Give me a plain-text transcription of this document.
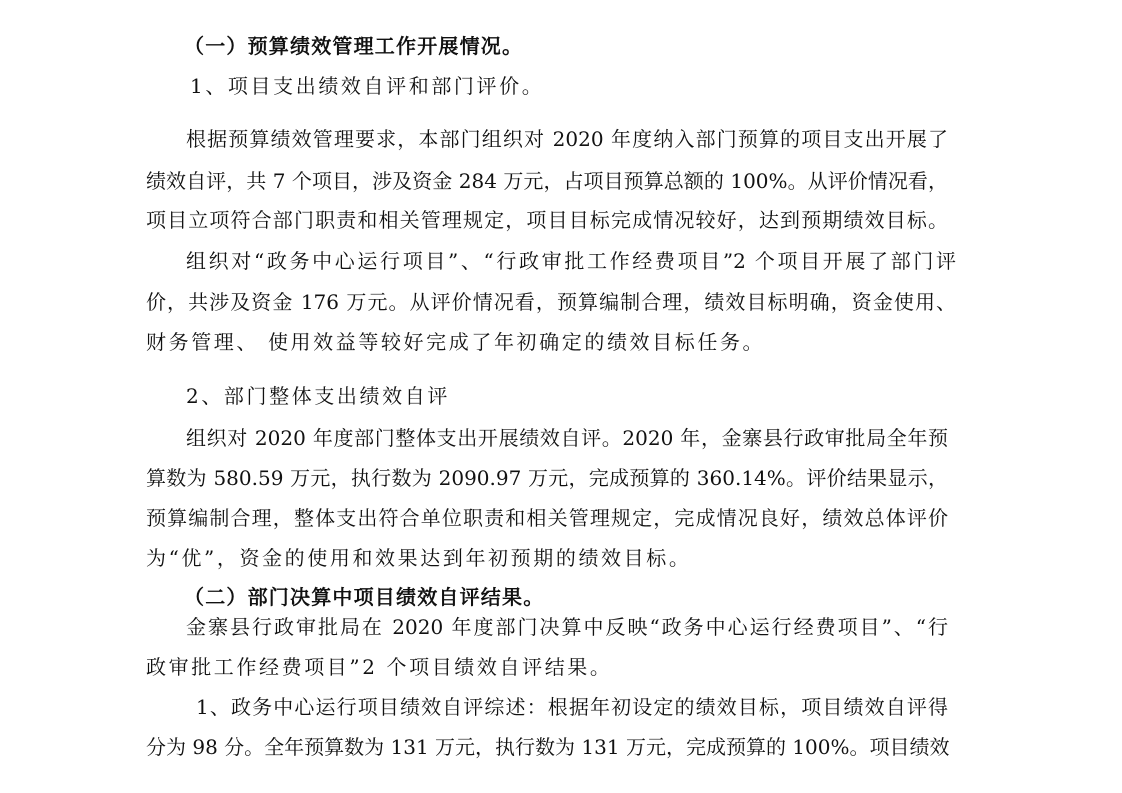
（一）预算绩效管理工作开展情况。
1、项目支出绩效自评和部门评价。
根据预算绩效管理要求，本部门组织对 2020 年度纳入部门预算的项目支出开展了
绩效自评，共 7 个项目，涉及资金 284 万元，占项目预算总额的 100%。从评价情况看，
项目立项符合部门职责和相关管理规定，项目目标完成情况较好，达到预期绩效目标。
组织对“政务中心运行项目”、“行政审批工作经费项目”2 个项目开展了部门评
价，共涉及资金 176 万元。从评价情况看，预算编制合理，绩效目标明确，资金使用、
财务管理、 使用效益等较好完成了年初确定的绩效目标任务。
2、部门整体支出绩效自评
组织对 2020 年度部门整体支出开展绩效自评。2020 年，金寨县行政审批局全年预
算数为 580.59 万元，执行数为 2090.97 万元，完成预算的 360.14%。评价结果显示，
预算编制合理，整体支出符合单位职责和相关管理规定，完成情况良好，绩效总体评价
为“优”，资金的使用和效果达到年初预期的绩效目标。
（二）部门决算中项目绩效自评结果。
金寨县行政审批局在 2020 年度部门决算中反映“政务中心运行经费项目”、“行
政审批工作经费项目”2 个项目绩效自评结果。
1、政务中心运行项目绩效自评综述：根据年初设定的绩效目标，项目绩效自评得
分为 98 分。全年预算数为 131 万元，执行数为 131 万元，完成预算的 100%。项目绩效
